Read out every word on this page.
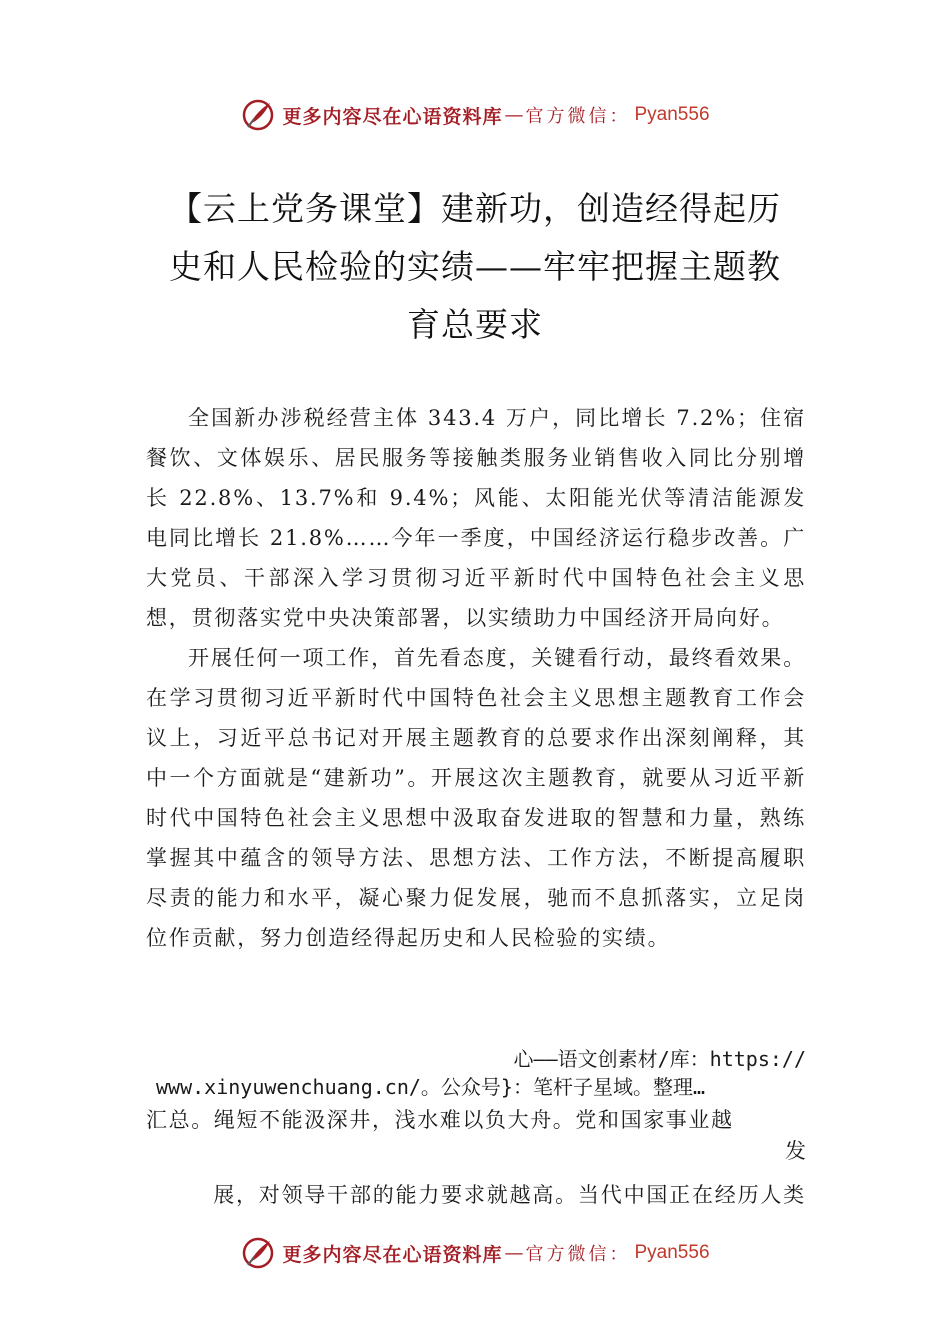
更多内容尽在心语资料库 — 官方微信： Pyan556
【云上党务课堂】建新功，创造经得起历
史和人民检验的实绩——牢牢把握主题教
育总要求

全国新办涉税经营主体 343.4 万户，同比增长 7.2%；住宿餐饮、文体娱乐、居民服务等接触类服务业销售收入同比分别增长 22.8%、13.7%和 9.4%；风能、太阳能光伏等清洁能源发电同比增长 21.8%……今年一季度，中国经济运行稳步改善。广大党员、干部深入学习贯彻习近平新时代中国特色社会主义思想，贯彻落实党中央决策部署，以实绩助力中国经济开局向好。

开展任何一项工作，首先看态度，关键看行动，最终看效果。在学习贯彻习近平新时代中国特色社会主义思想主题教育工作会议上，习近平总书记对开展主题教育的总要求作出深刻阐释，其中一个方面就是“建新功”。开展这次主题教育，就要从习近平新时代中国特色社会主义思想中汲取奋发进取的智慧和力量，熟练掌握其中蕴含的领导方法、思想方法、工作方法，不断提高履职尽责的能力和水平，凝心聚力促发展，驰而不息抓落实，立足岗位作贡献，努力创造经得起历史和人民检验的实绩。

心——语文创素材/库：https://
www.xinyuwenchuang.cn/。公众号}：笔杆子星域。整理…
汇总。绳短不能汲深井，浅水难以负大舟。党和国家事业越
发
展，对领导干部的能力要求就越高。当代中国正在经历人类
更多内容尽在心语资料库 — 官方微信： Pyan556
